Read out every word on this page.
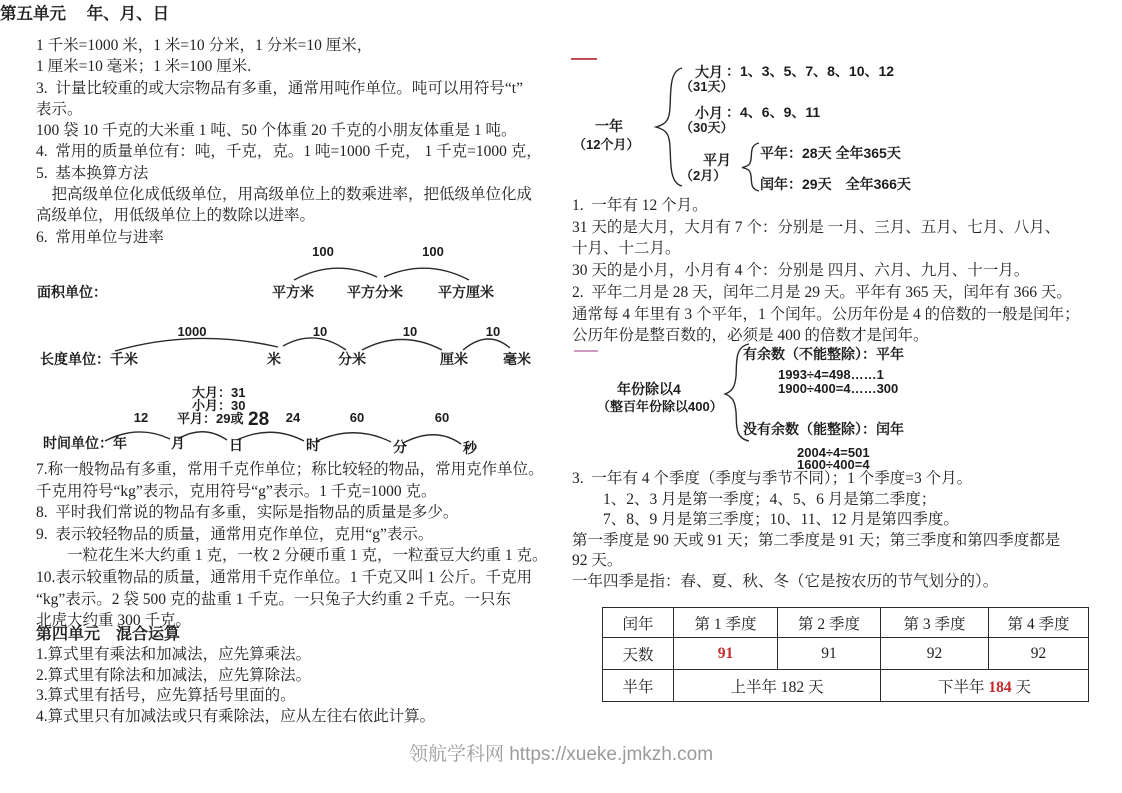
1 千米=1000 米，1 米=10 分米，1 分米=10 厘米，
1 厘米=10 毫米；1 米=100 厘米.
3.  计量比较重的或大宗物品有多重，通常用吨作单位。吨可以用符号“t”
表示。
100 袋 10 千克的大米重 1 吨、50 个体重 20 千克的小朋友体重是 1 吨。
4.  常用的质量单位有：吨，千克，克。1 吨=1000 千克， 1 千克=1000 克，
5.  基本换算方法
　把高级单位化成低级单位，用高级单位上的数乘进率，把低级单位化成
高级单位，用低级单位上的数除以进率。
6.  常用单位与进率
面积单位：
100	100
平方米 平方分米	平方厘米
1000	10	10	10
长度单位：千米	米	分米	厘米	毫米
大月：31
小月：30
平月：29或 28
12	24	60	60
时间单位：年	月	日	时	分	秒
7.称一般物品有多重，常用千克作单位；称比较轻的物品，常用克作单位。
千克用符号“kg”表示，克用符号“g”表示。1 千克=1000 克。
8.  平时我们常说的物品有多重，实际是指物品的质量是多少。
9.  表示较轻物品的质量，通常用克作单位，克用“g”表示。
　　一粒花生米大约重 1 克，一枚 2 分硬币重 1 克，一粒蚕豆大约重 1 克。
10.表示较重物品的质量，通常用千克作单位。1 千克又叫 1 公斤。千克用
“kg”表示。2 袋 500 克的盐重 1 千克。一只兔子大约重 2 千克。一只东
北虎大约重 300 千克。
第四单元　混合运算
1.算式里有乘法和加减法，应先算乘法。
2.算式里有除法和加减法，应先算除法。
3.算式里有括号，应先算括号里面的。
4.算式里只有加减法或只有乘除法，应从左往右依此计算。
第五单元　 年、月、日
一年
（12个月）
大月
（31天）
：1、3、5、7、8、10、12
小月
（30天）
：4、6、9、11
平月
（2月）
平年：28天 全年365天
闰年：29天　全年366天
1.  一年有 12 个月。
31 天的是大月，大月有 7 个：分别是 一月、三月、五月、七月、八月、
十月、十二月。
30 天的是小月，小月有 4 个：分别是 四月、六月、九月、十一月。
2.  平年二月是 28 天，闰年二月是 29 天。平年有 365 天，闰年有 366 天。
通常每 4 年里有 3 个平年，1 个闰年。公历年份是 4 的倍数的一般是闰年；
公历年份是整百数的，必须是 400 的倍数才是闰年。
年份除以4
（整百年份除以400）
有余数（不能整除）：平年
1993÷4=498……1
1900÷400=4……300
没有余数（能整除）：闰年
2004÷4=501
1600÷400=4
3.  一年有 4 个季度（季度与季节不同）；1 个季度=3 个月。
　　1、2、3 月是第一季度；4、5、6 月是第二季度；
　　7、8、9 月是第三季度；10、11、12 月是第四季度。
第一季度是 90 天或 91 天；第二季度是 91 天；第三季度和第四季度都是
92 天。
一年四季是指：春、夏、秋、冬（它是按农历的节气划分的）。
闰年	第 1 季度	第 2 季度	第 3 季度	第 4 季度
天数	91	91	92	92
半年	上半年 182 天		下半年 184 天	
领航学科网 https://xueke.jmkzh.com
